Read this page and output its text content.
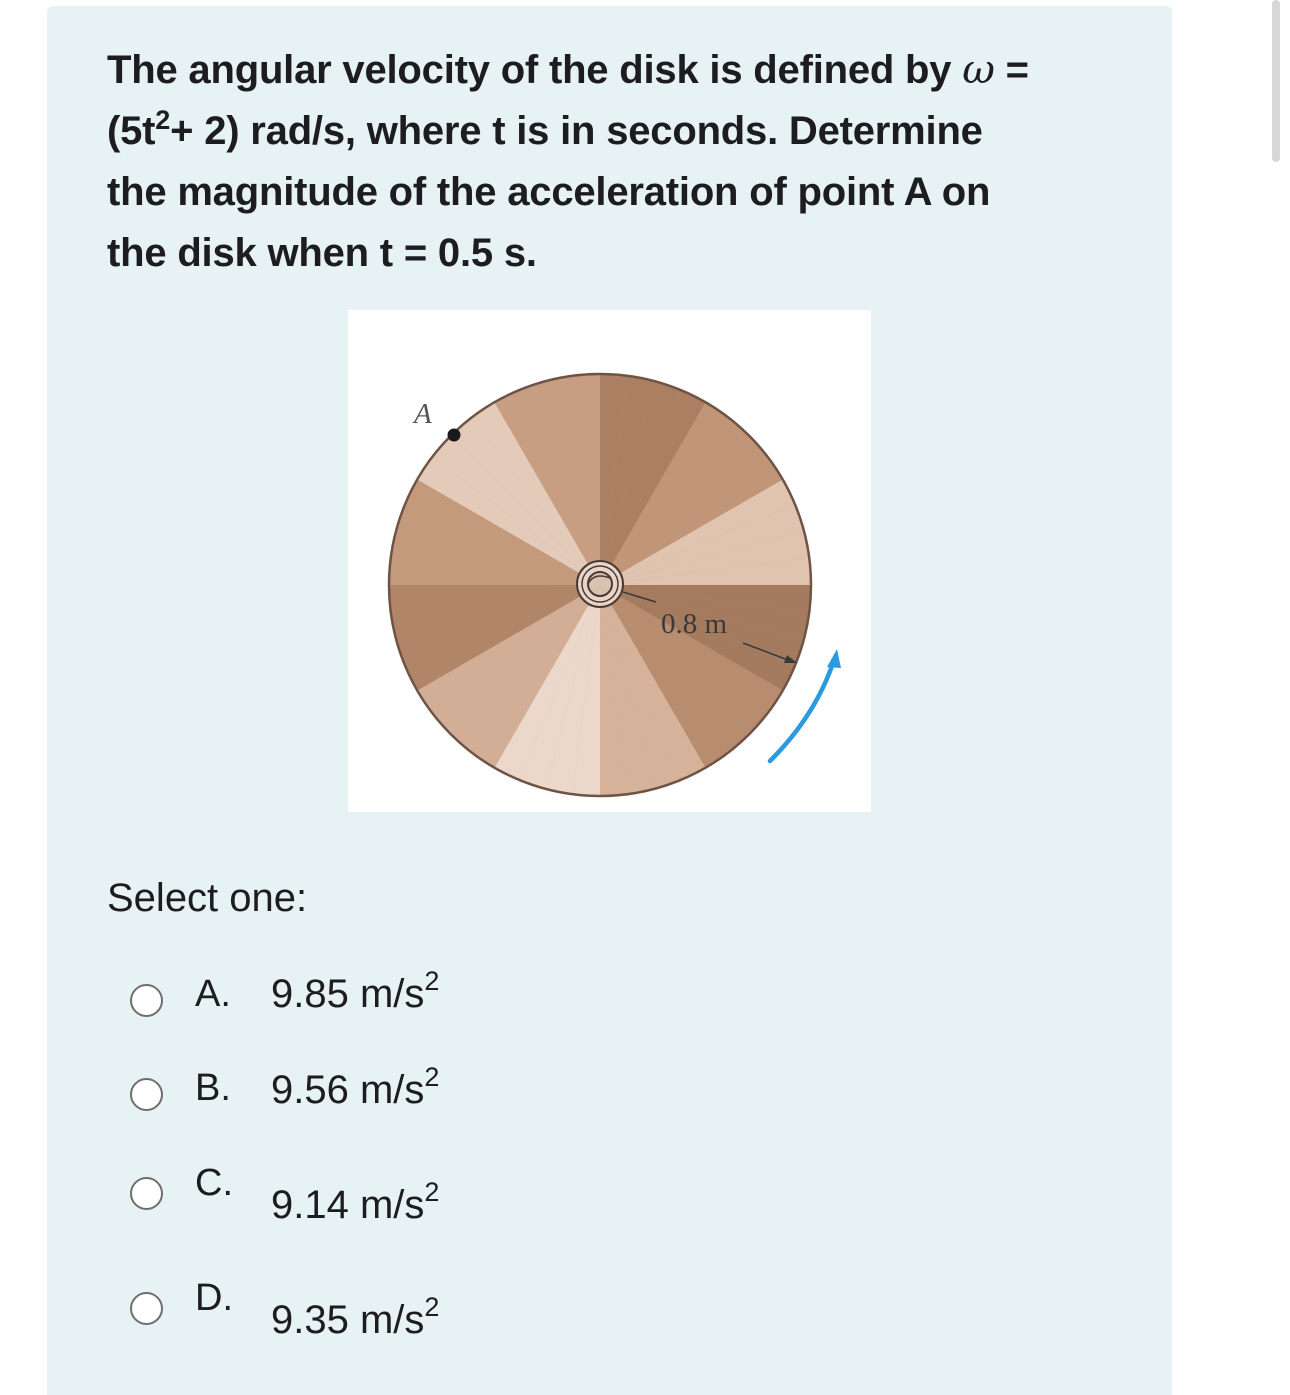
The angular velocity of the disk is defined by ω =

$(5t^2+ 2)$ rad/s, where t is in seconds. Determine

the magnitude of the acceleration of point A on

the disk when t = 0.5 s.

0.8 m
A
Select one:
A. 9.85 $m/s^2$
B. 9.56 $m/s^2$
C. 9.14 $m/s^2$
D. 9.35 $m/s^2$
